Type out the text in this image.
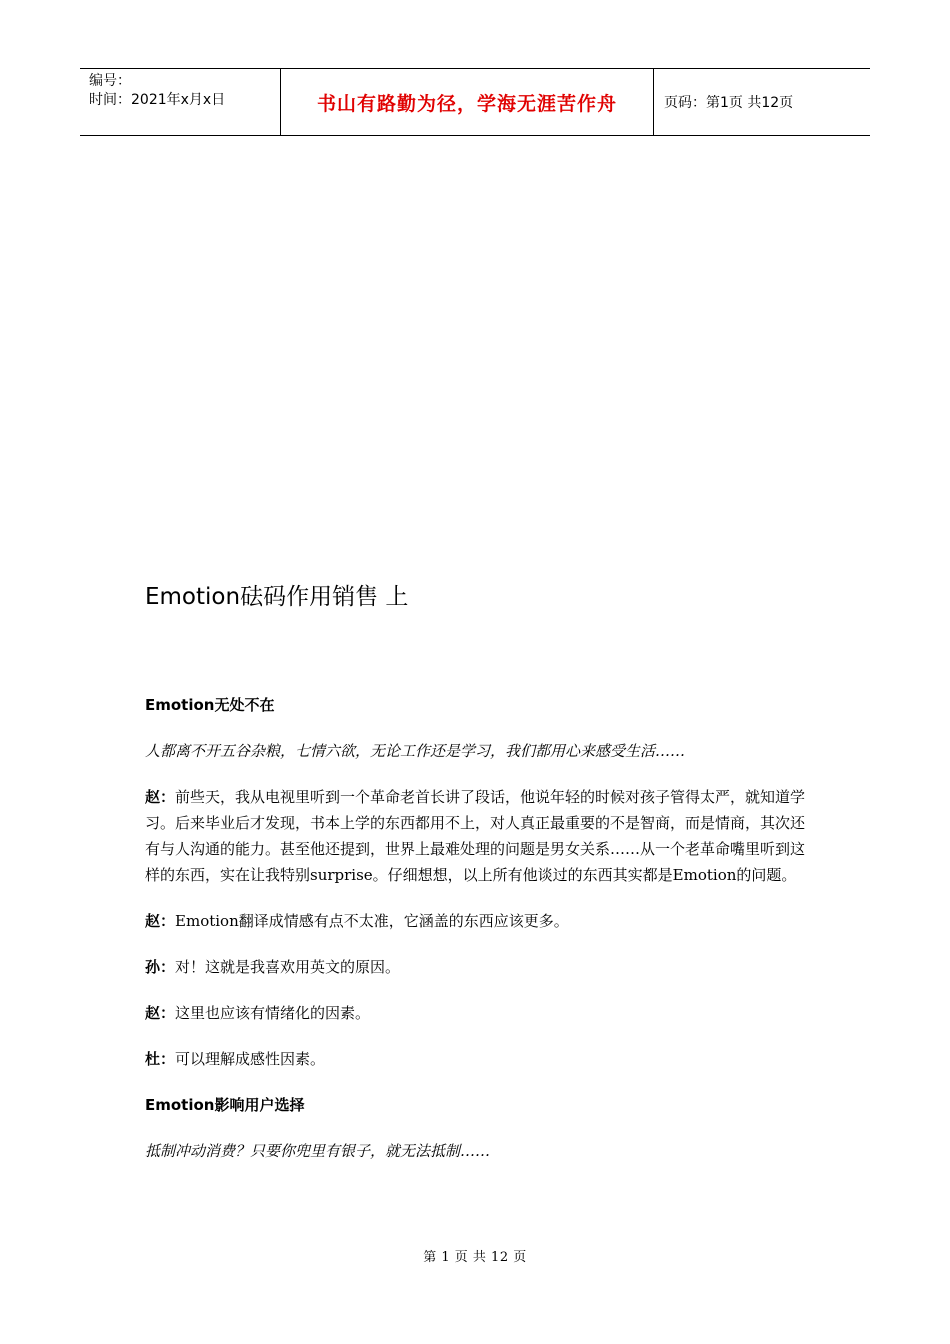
编号：
时间：2021年x月x日	书山有路勤为径，学海无涯苦作舟	页码：第1页 共12页
Emotion砝码作用销售 上

Emotion无处不在

人都离不开五谷杂粮，七情六欲，无论工作还是学习，我们都用心来感受生活……

赵：前些天，我从电视里听到一个革命老首长讲了段话，他说年轻的时候对孩子管得太严，就知道学习。后来毕业后才发现，书本上学的东西都用不上，对人真正最重要的不是智商，而是情商，其次还有与人沟通的能力。甚至他还提到，世界上最难处理的问题是男女关系……从一个老革命嘴里听到这样的东西，实在让我特别surprise。仔细想想，以上所有他谈过的东西其实都是Emotion的问题。

赵：Emotion翻译成情感有点不太准，它涵盖的东西应该更多。

孙：对！这就是我喜欢用英文的原因。

赵：这里也应该有情绪化的因素。

杜：可以理解成感性因素。

Emotion影响用户选择

抵制冲动消费？只要你兜里有银子，就无法抵制……

第 1 页 共 12 页
